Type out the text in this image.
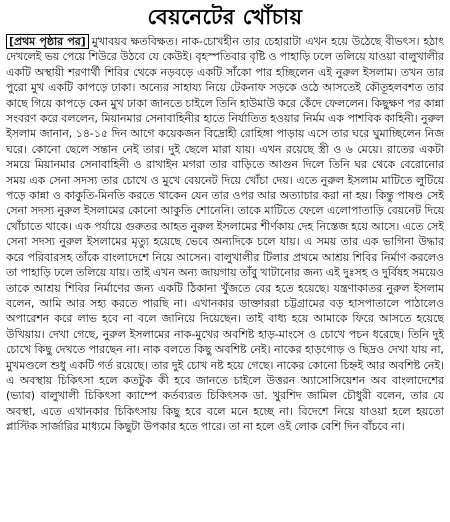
বেয়নেটের খোঁচায়

[প্রথম পৃষ্ঠার পর] মুখাবয়ব ক্ষতবিক্ষত। নাক-চোখহীন তার চেহারাটা এখন হয়ে উঠেছে বীভৎস। হঠাৎ দেখলেই ভয় পেয়ে শিউরে উঠবে যে কেউই। বৃহস্পতিবার বৃষ্টি ও পাহাড়ি ঢলে তলিয়ে যাওয়া বালুখালীর একটি অস্থায়ী শরণার্থী শিবির থেকে নড়বড়ে একটি সাঁকো পার হচ্ছিলেন এই নুরুল ইসলাম। তখন তার পুরো মুখ একটি কাপড়ে ঢাকা। অন্যের সাহায্য নিয়ে টেকনাফ সড়কে ওঠে আসতেই কৌতূহলবশত তার কাছে গিয়ে কাপড়ে কেন মুখ ঢাকা জানতে চাইলে তিনি হাউমাউ করে কেঁদে ফেললেন। কিছুক্ষণ পর কান্না সংবরণ করে বললেন, মিয়ানমার সেনাবাহিনীর হাতে নির্যাতিত হওয়ার নির্মম এক পাশবিক কাহিনী। নুরুল ইসলাম জানান, ১৪-১৫ দিন আগে কয়েকজন বিদ্রোহী রোহিঙ্গা পাড়ায় এসে তার ঘরে ঘুমাচ্ছিলেন নিজ ঘরে। কোনো ছেলে সন্তান নেই তার। দুই ছেলে মারা যায়। এখন রয়েছে স্ত্রী ও ৬ মেয়ে। রাতের একটা সময়ে মিয়ানমার সেনাবাহিনী ও রাখাইন মগরা তার বাড়িতে আগুন দিলে তিনি ঘর থেকে বেরোনোর সময় এক সেনা সদস্য তার চোখে ও মুখে বেয়নেট দিয়ে খোঁচা দেয়। এতে নুরুল ইসলাম মাটিতে লুটিয়ে পড়ে কান্না ও কাকুতি-মিনতি করতে থাকেন যেন তার ওপর আর অত্যাচার করা না হয়। কিন্তু পাষণ্ড সেই সেনা সদস্য নুরুল ইসলামের কোনো আকুতি শোনেনি। তাকে মাটিতে ফেলে এলোপাতাড়ি বেয়নেট দিয়ে খোঁচাতে থাকে। এক পর্যায়ে গুরুতর আহত নুরুল ইসলামের শীর্ণকায় দেহ নিস্তেজ হয়ে আসে। এতে সেই সেনা সদস্য নুরুল ইসলামের মৃত্যু হয়েছে ভেবে অন্যদিকে চলে যায়। এ সময় তার এক ভাগিনা উদ্ধার করে পরিবারসহ তাঁকে বাংলাদেশে নিয়ে আসেন। বালুখালীর টিলার প্রথমে আশ্রয় শিবির নির্মাণ করলেও তা পাহাড়ি ঢলে তলিয়ে যায়। তাই এখন অন্য জায়গায় তাঁবু খাটানোর জন্য এই দুঃসহ ও দুর্বিষহ সময়েও তাকে আশ্রয় শিবির নির্মাণের জন্য একটি ঠিকানা খুঁজতে বের হতে হয়েছে। যন্ত্রণাকাতর নুরুল ইসলাম বলেন, আমি আর সহ্য করতে পারছি না। এখানকার ডাক্তাররা চট্টগ্রামের বড় হাসপাতালে পাঠালেও অপারেশন করে লাভ হবে না বলে জানিয়ে দিয়েছেন। তাই বাধ্য হয়ে আমাকে ফিরে আসতে হয়েছে উখিয়ায়। দেখা গেছে, নুরুল ইসলামের নাক-মুখের অবশিষ্ট হাড়-মাংসে ও চোখে পচন ধরেছে। তিনি দুই চোখে কিছু দেখতে পারছেন না। নাক বলতে কিছু অবশিষ্ট নেই। নাকের হাড়গোড় ও ছিদ্রও দেখা যায় না, মুখমণ্ডলে শুধু একটি গর্ত রয়েছে। তার দুই চোখ নষ্ট হয়ে গেছে। নাকের কোনো চিহ্নই আর অবশিষ্ট নেই। এ অবস্থায় চিকিৎসা হলে কতটুক কী হবে জানতে চাইলে উত্তরন অ্যাসোসিয়েশন অব বাংলাদেশের (ভ্যাব) বালুখালী চিকিৎসা ক্যাম্পে কর্তব্যরত চিকিৎসক ডা. খুরশিদ জামিল চৌধুরী বলেন, তার যে অবস্থা, এতে এখানকার চিকিৎসায় কিছু হবে বলে মনে হচ্ছে না। বিদেশে নিয়ে যাওয়া হলে হয়তো প্লাস্টিক সার্জারির মাধ্যমে কিছুটা উপকার হতে পারে। তা না হলে ওই লোক বেশি দিন বাঁচবে না।
